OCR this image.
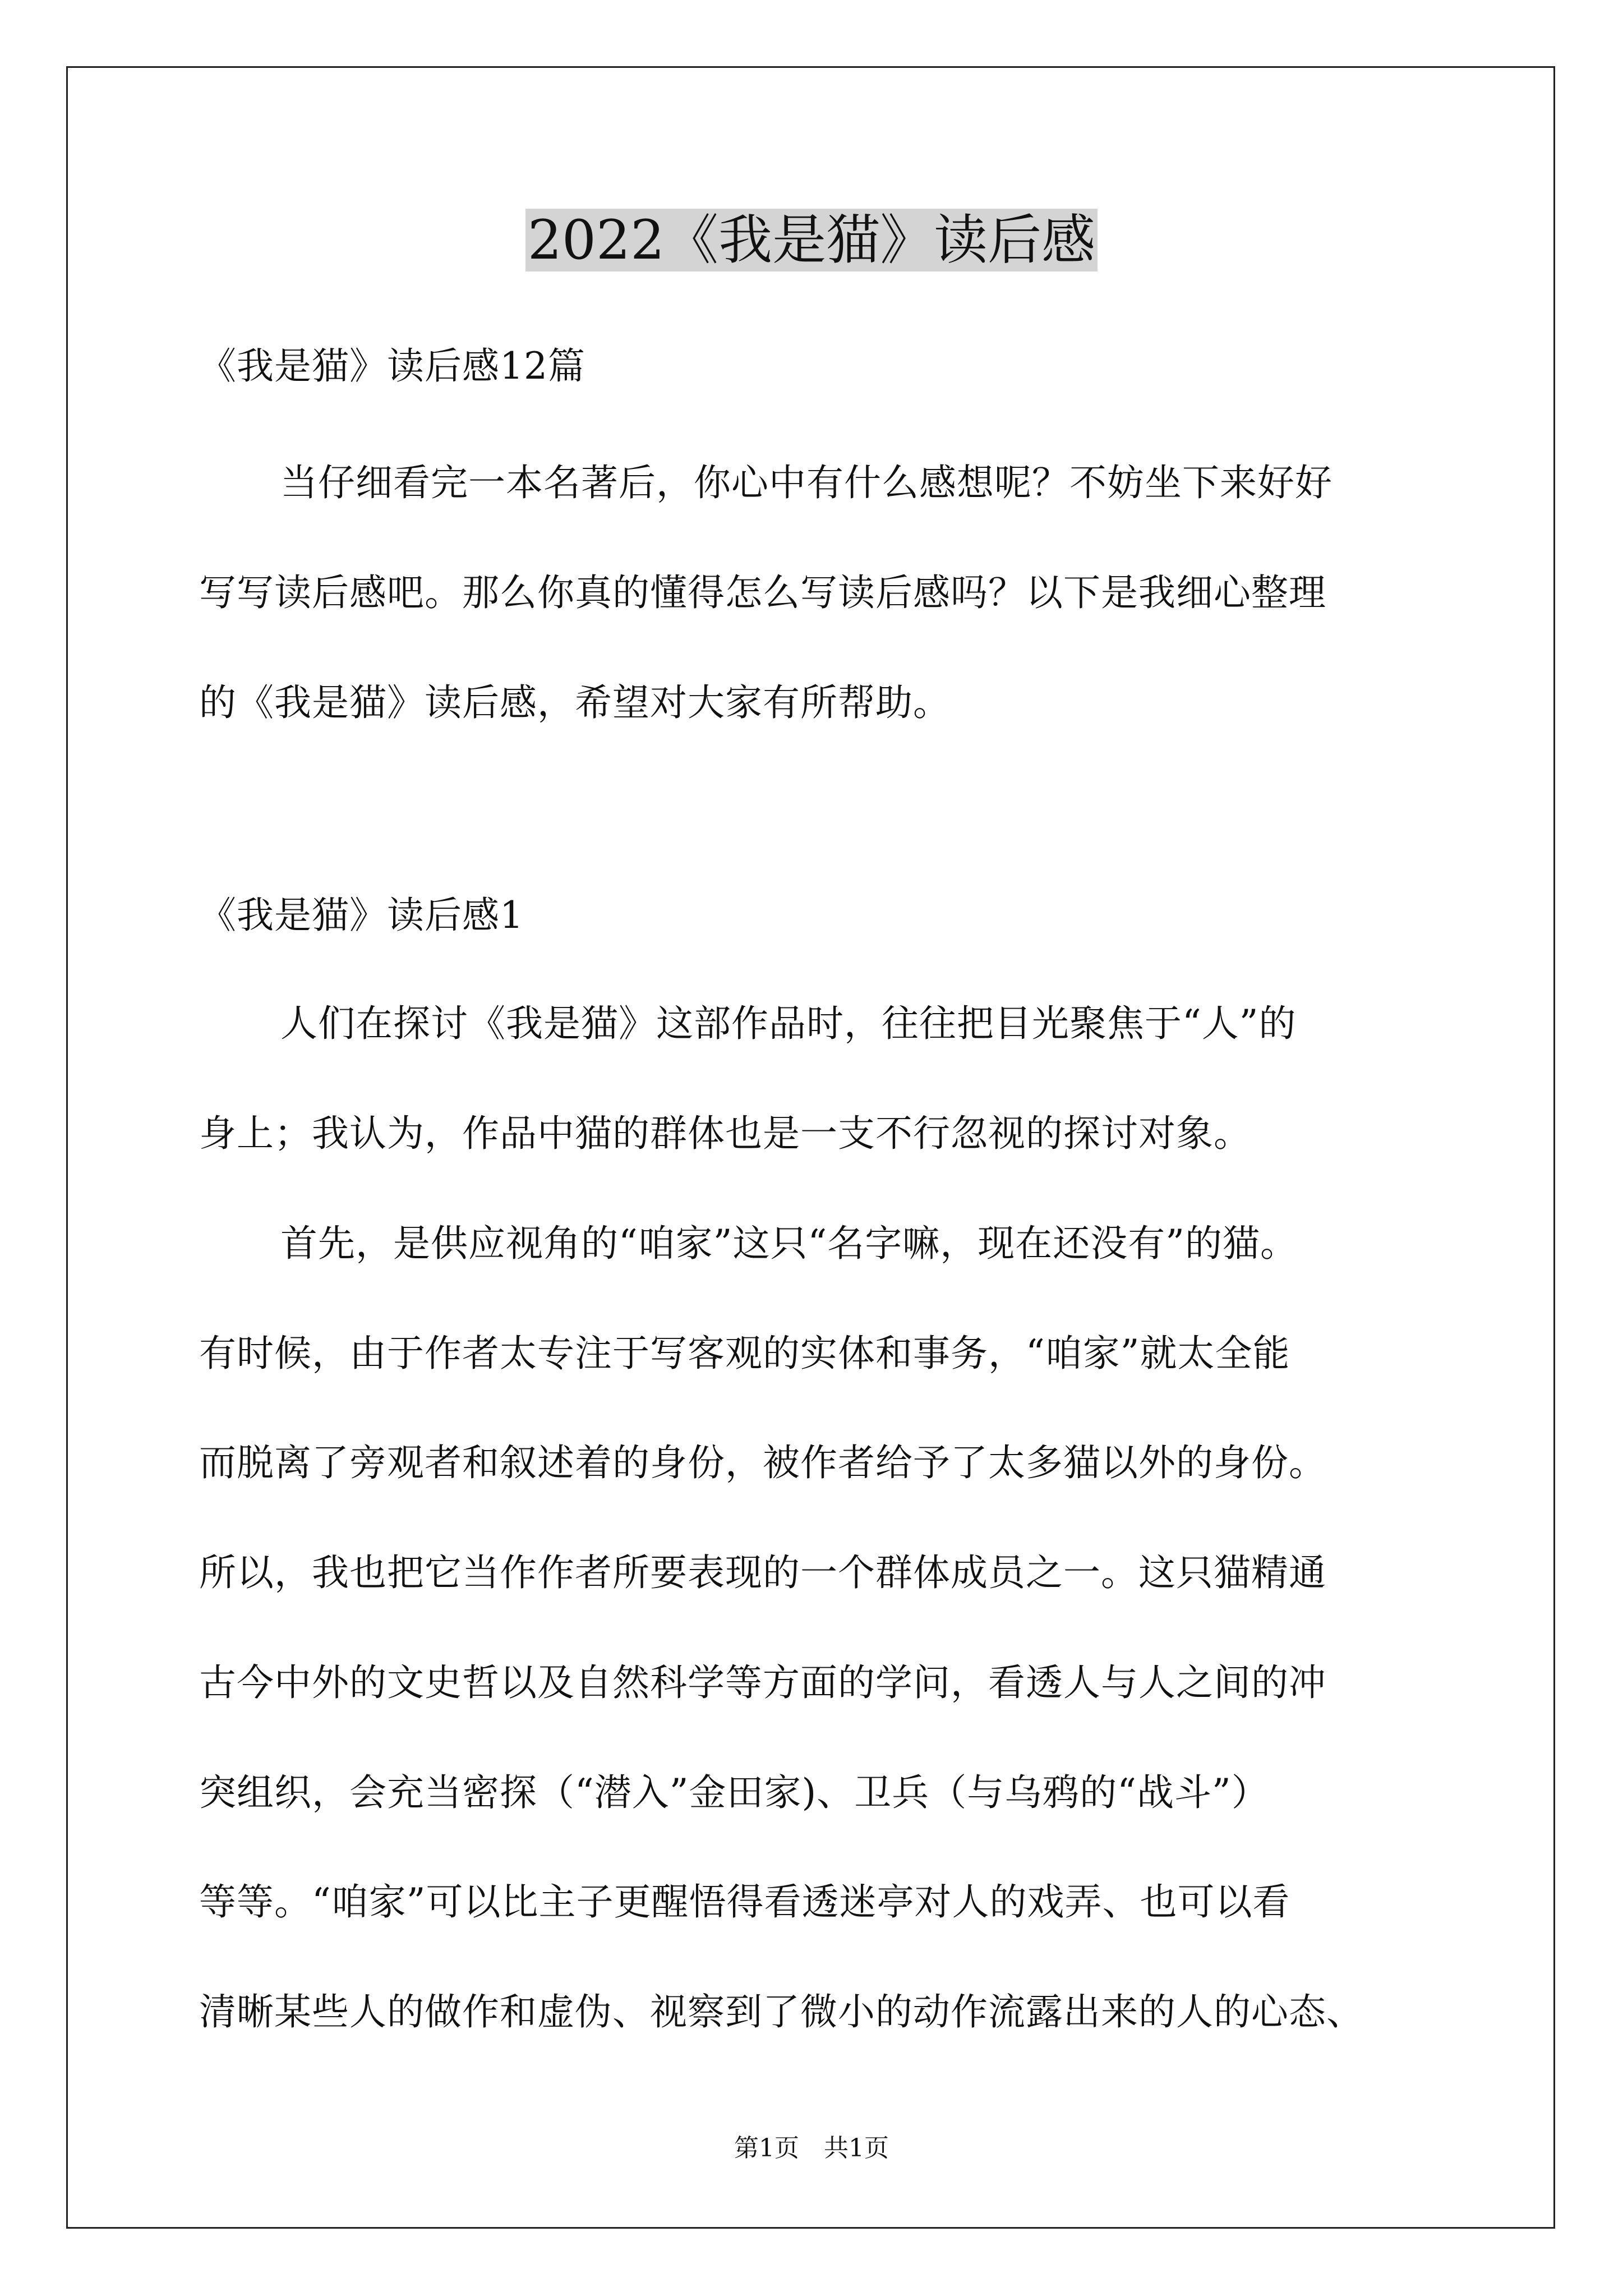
2022《我是猫》读后感

《我是猫》读后感12篇

当仔细看完一本名著后，你心中有什么感想呢？不妨坐下来好好

写写读后感吧。那么你真的懂得怎么写读后感吗？以下是我细心整理

的《我是猫》读后感，希望对大家有所帮助。

《我是猫》读后感1

人们在探讨《我是猫》这部作品时，往往把目光聚焦于“人”的

身上；我认为，作品中猫的群体也是一支不行忽视的探讨对象。

首先，是供应视角的“咱家”这只“名字嘛，现在还没有”的猫。

有时候，由于作者太专注于写客观的实体和事务，“咱家”就太全能

而脱离了旁观者和叙述着的身份，被作者给予了太多猫以外的身份。

所以，我也把它当作作者所要表现的一个群体成员之一。这只猫精通

古今中外的文史哲以及自然科学等方面的学问，看透人与人之间的冲

突组织，会充当密探（“潜入”金田家)、卫兵（与乌鸦的“战斗”）

等等。“咱家”可以比主子更醒悟得看透迷亭对人的戏弄、也可以看

清晰某些人的做作和虚伪、视察到了微小的动作流露出来的人的心态、

第1页　共1页
